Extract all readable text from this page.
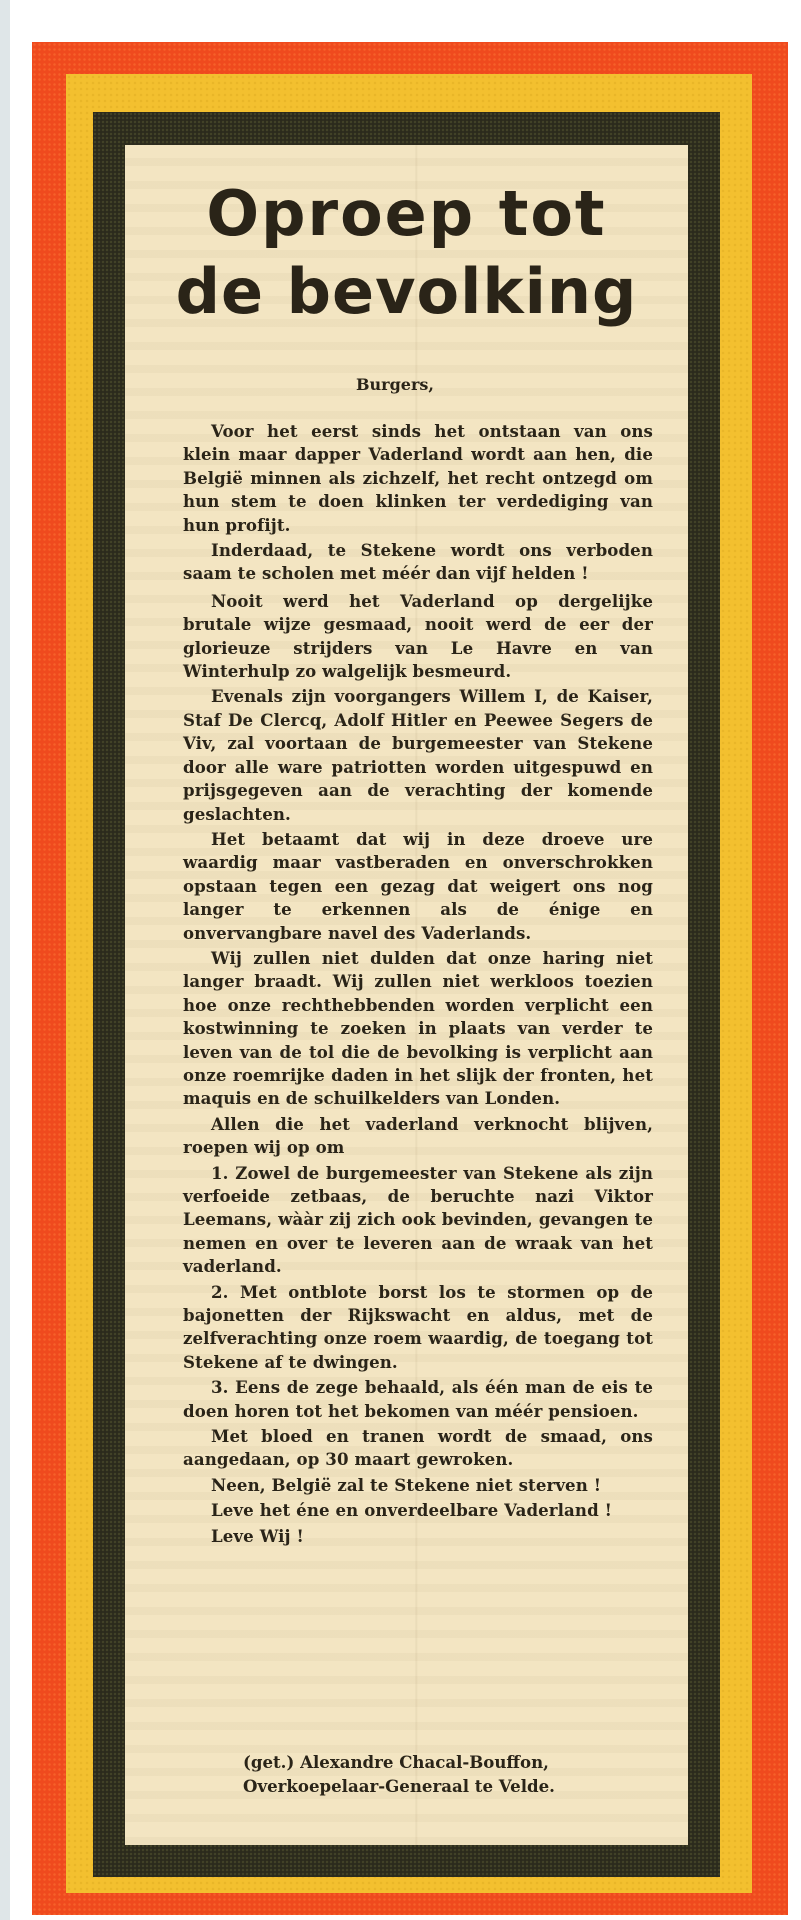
Oproep tot
de bevolking
Burgers,

Voor het eerst sinds het ontstaan van ons klein maar dapper Vaderland wordt aan hen, die België minnen als zichzelf, het recht ontzegd om hun stem te doen klinken ter verdediging van hun profijt.

Inderdaad, te Stekene wordt ons verboden saam te scholen met méér dan vijf helden !

Nooit werd het Vaderland op dergelijke brutale wijze gesmaad, nooit werd de eer der glorieuze strijders van Le Havre en van Winterhulp zo walgelijk besmeurd.

Evenals zijn voorgangers Willem I, de Kaiser, Staf De Clercq, Adolf Hitler en Peewee Segers de Viv, zal voortaan de burgemeester van Stekene door alle ware patriotten worden uitgespuwd en prijsgegeven aan de verachting der komende geslachten.

Het betaamt dat wij in deze droeve ure waardig maar vastberaden en onverschrokken opstaan tegen een gezag dat weigert ons nog langer te erkennen als de énige en onvervangbare navel des Vaderlands.

Wij zullen niet dulden dat onze haring niet langer braadt. Wij zullen niet werkloos toezien hoe onze rechthebbenden worden verplicht een kostwinning te zoeken in plaats van verder te leven van de tol die de bevolking is verplicht aan onze roemrijke daden in het slijk der fronten, het maquis en de schuilkelders van Londen.

Allen die het vaderland verknocht blijven, roepen wij op om

1. Zowel de burgemeester van Stekene als zijn verfoeide zetbaas, de beruchte nazi Viktor Leemans, wààr zij zich ook bevinden, gevangen te nemen en over te leveren aan de wraak van het vaderland.

2. Met ontblote borst los te stormen op de bajonetten der Rijkswacht en aldus, met de zelfverachting onze roem waardig, de toegang tot Stekene af te dwingen.

3. Eens de zege behaald, als één man de eis te doen horen tot het bekomen van méér pensioen.

Met bloed en tranen wordt de smaad, ons aangedaan, op 30 maart gewroken.

Neen, België zal te Stekene niet sterven !

Leve het éne en onverdeelbare Vaderland !

Leve Wij !

(get.) Alexandre Chacal-Bouffon,
Overkoepelaar-Generaal te Velde.
